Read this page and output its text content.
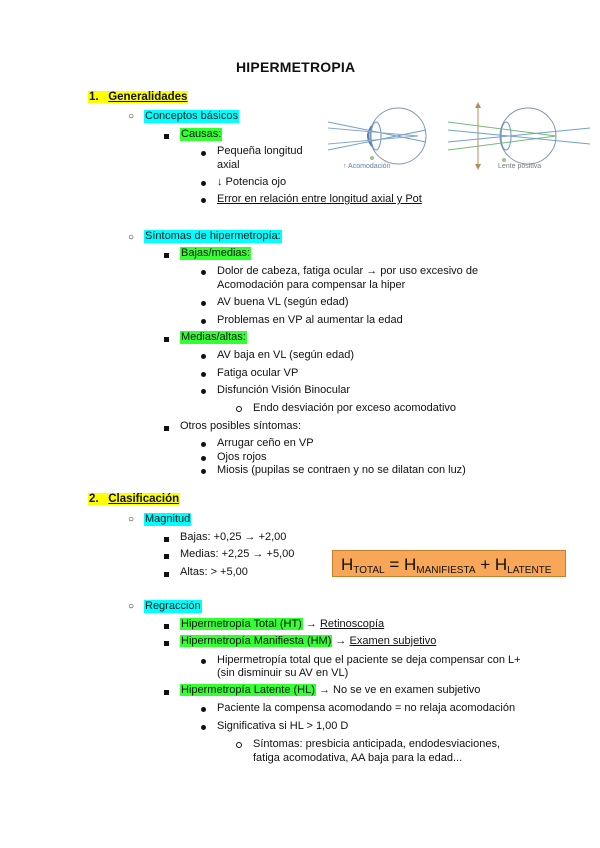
HIPERMETROPIA
1. Generalidades
○ Conceptos básicos
Causas:
Pequeña longitud
axial
↓ Potencia ojo
Error en relación entre longitud axial y Pot
↑ Acomodación	Lente positiva
○ Síntomas de hipermetropía:
Bajas/medias:
Dolor de cabeza, fatiga ocular → por uso excesivo de
Acomodación para compensar la hiper
AV buena VL (según edad)
Problemas en VP al aumentar la edad
Medias/altas:
AV baja en VL (según edad)
Fatiga ocular VP
Disfunción Visión Binocular
Endo desviación por exceso acomodativo
Otros posibles síntomas:
Arrugar ceño en VP
Ojos rojos
Miosis (pupilas se contraen y no se dilatan con luz)
2. Clasificación
○ Magnitud
Bajas: +0,25 → +2,00
Medias: +2,25 → +5,00
Altas: > +5,00	$H_{TOTAL} = H_{MANIFIESTA} + H_{LATENTE}$
○ Regracción
Hipermetropía Total (HT) → Retinoscopía
Hipermetropía Manifiesta (HM) → Examen subjetivo
Hipermetropía total que el paciente se deja compensar con L+
(sin disminuir su AV en VL)
Hipermetropía Latente (HL) → No se ve en examen subjetivo
Paciente la compensa acomodando = no relaja acomodación
Significativa si HL > 1,00 D
Síntomas: presbicia anticipada, endodesviaciones,
fatiga acomodativa, AA baja para la edad...
